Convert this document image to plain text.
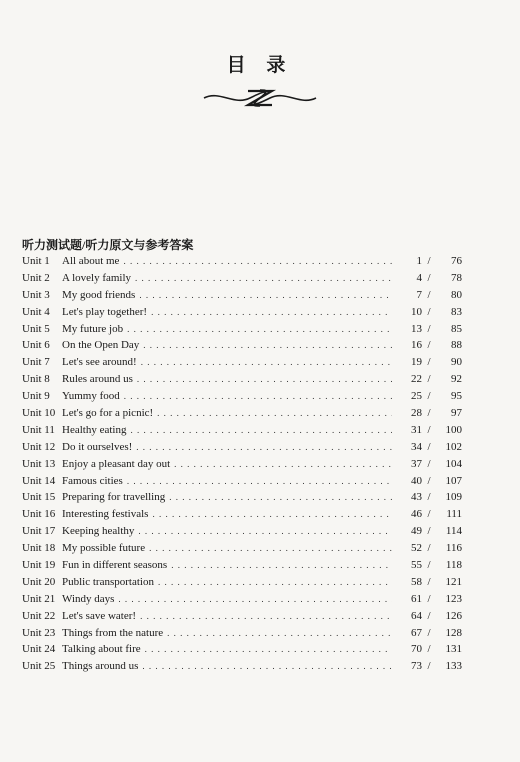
目 录
听力测试题/听力原文与参考答案
Unit 1	All about me . . .	1 /	76
Unit 2	A lovely family . . .	4 /	78
Unit 3	My good friends . . .	7 /	80
Unit 4	Let's play together! . . .	10 /	83
Unit 5	My future job . . .	13 /	85
Unit 6	On the Open Day . . .	16 /	88
Unit 7	Let's see around! . . .	19 /	90
Unit 8	Rules around us . . .	22 /	92
Unit 9	Yummy food . . .	25 /	95
Unit 10 Let's go for a picnic! . . .	28 /	97
Unit 11 Healthy eating . . .	31 /	100
Unit 12 Do it ourselves! . . .	34 /	102
Unit 13 Enjoy a pleasant day out . . .	37 /	104
Unit 14 Famous cities . . .	40 /	107
Unit 15 Preparing for travelling . . .	43 /	109
Unit 16 Interesting festivals . . .	46 /	111
Unit 17 Keeping healthy . . .	49 /	114
Unit 18 My possible future . . .	52 /	116
Unit 19 Fun in different seasons . . .	55 /	118
Unit 20 Public transportation . . .	58 /	121
Unit 21 Windy days . . .	61 /	123
Unit 22 Let's save water! . . .	64 /	126
Unit 23 Things from the nature . . .	67 /	128
Unit 24 Talking about fire . . .	70 /	131
Unit 25 Things around us . . .	73 /	133
